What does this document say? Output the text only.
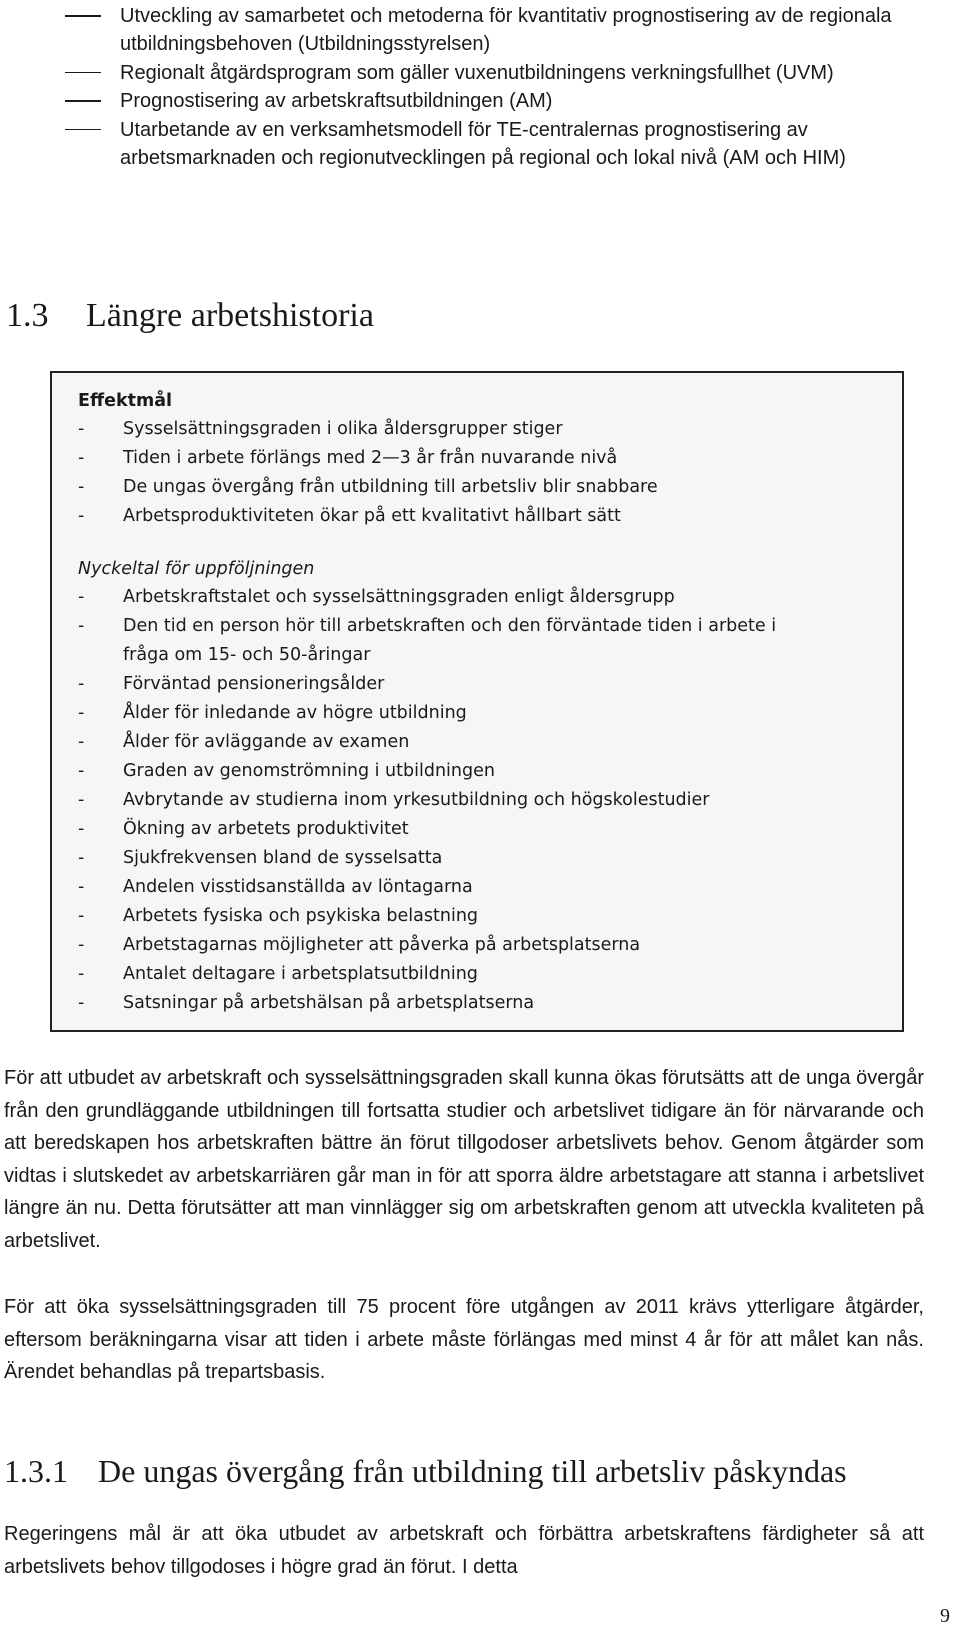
Utveckling av samarbetet och metoderna för kvantitativ prognostisering av de regionala utbildningsbehoven (Utbildningsstyrelsen)
Regionalt åtgärdsprogram som gäller vuxenutbildningens verkningsfullhet (UVM)
Prognostisering av arbetskraftsutbildningen (AM)
Utarbetande av en verksamhetsmodell för TE-centralernas prognostisering av arbetsmarknaden och regionutvecklingen på regional och lokal nivå (AM och HIM)
1.3 Längre arbetshistoria

Effektmål

- Sysselsättningsgraden i olika åldersgrupper stiger
- Tiden i arbete förlängs med 2—3 år från nuvarande nivå
- De ungas övergång från utbildning till arbetsliv blir snabbare
- Arbetsproduktiviteten ökar på ett kvalitativt hållbart sätt

Nyckeltal för uppföljningen

- Arbetskraftstalet och sysselsättningsgraden enligt åldersgrupp
- Den tid en person hör till arbetskraften och den förväntade tiden i arbete i fråga om 15- och 50-åringar
- Förväntad pensioneringsålder
- Ålder för inledande av högre utbildning
- Ålder för avläggande av examen
- Graden av genomströmning i utbildningen
- Avbrytande av studierna inom yrkesutbildning och högskolestudier
- Ökning av arbetets produktivitet
- Sjukfrekvensen bland de sysselsatta
- Andelen visstidsanställda av löntagarna
- Arbetets fysiska och psykiska belastning
- Arbetstagarnas möjligheter att påverka på arbetsplatserna
- Antalet deltagare i arbetsplatsutbildning
- Satsningar på arbetshälsan på arbetsplatserna

För att utbudet av arbetskraft och sysselsättningsgraden skall kunna ökas förutsätts att de unga övergår från den grundläggande utbildningen till fortsatta studier och arbetslivet tidigare än för närvarande och att beredskapen hos arbetskraften bättre än förut tillgodoser arbetslivets behov. Genom åtgärder som vidtas i slutskedet av arbetskarriären går man in för att sporra äldre arbetstagare att stanna i arbetslivet längre än nu. Detta förutsätter att man vinnlägger sig om arbetskraften genom att utveckla kvaliteten på arbetslivet.

För att öka sysselsättningsgraden till 75 procent före utgången av 2011 krävs ytterligare åtgärder, eftersom beräkningarna visar att tiden i arbete måste förlängas med minst 4 år för att målet kan nås. Ärendet behandlas på trepartsbasis.

1.3.1 De ungas övergång från utbildning till arbetsliv påskyndas

Regeringens mål är att öka utbudet av arbetskraft och förbättra arbetskraftens färdigheter så att arbetslivets behov tillgodoses i högre grad än förut. I detta

9
